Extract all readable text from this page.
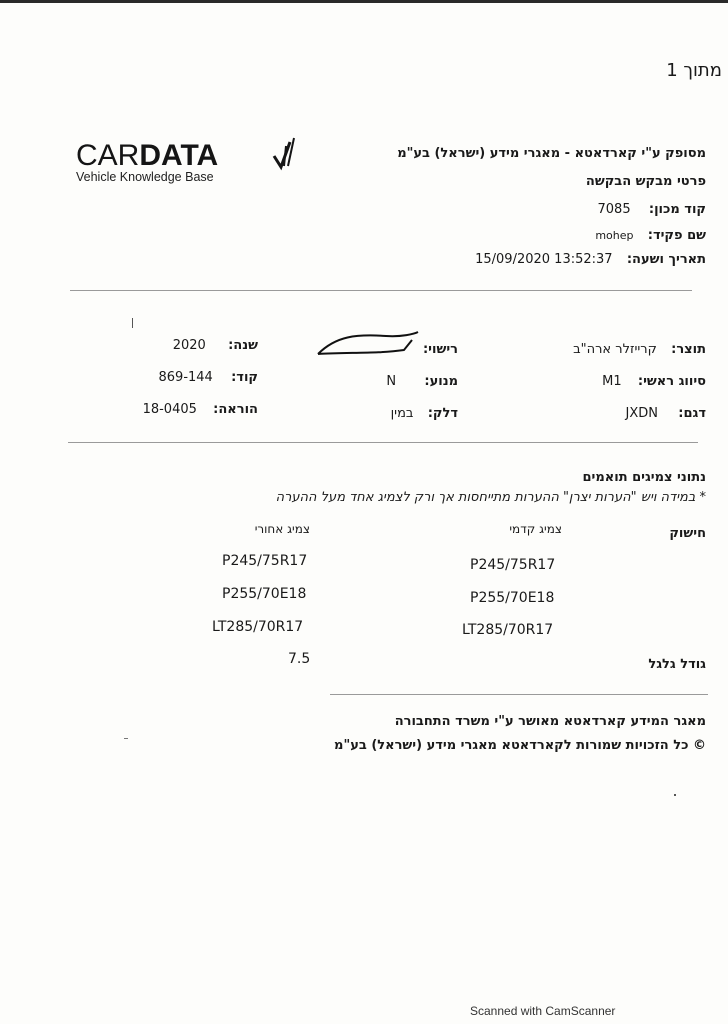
מתוך 1
CARDATA
Vehicle Knowledge Base
מסופק ע"י קארדאטא - מאגרי מידע (ישראל) בע"מ
פרטי מבקש הבקשה
קוד מכון:  7085
שם פקיד:  mohep
תאריך ושעה:  15/09/2020 13:52:37
תוצר:  קרייזלר ארה"ב
סיווג ראשי:  M1
דגם:  JXDN
רישוי:
מנוע:  N
דלק:  במין
שנה:  2020
קוד:  869-144
הוראה:  18-0405
נתוני צמיגים תואמים
* במידה ויש "הערות יצרן" ההערות מתייחסות אך ורק לצמיג אחד מעל ההערה
חישוק
צמיג קדמי
צמיג אחורי
P245/75R17
P245/75R17
P255/70E18
P255/70E18
LT285/70R17
LT285/70R17
7.5	גודל גלגל
מאגר המידע קארדאטא מאושר ע"י משרד התחבורה
© כל הזכויות שמורות לקארדאטא מאגרי מידע (ישראל) בע"מ
Scanned with CamScanner
